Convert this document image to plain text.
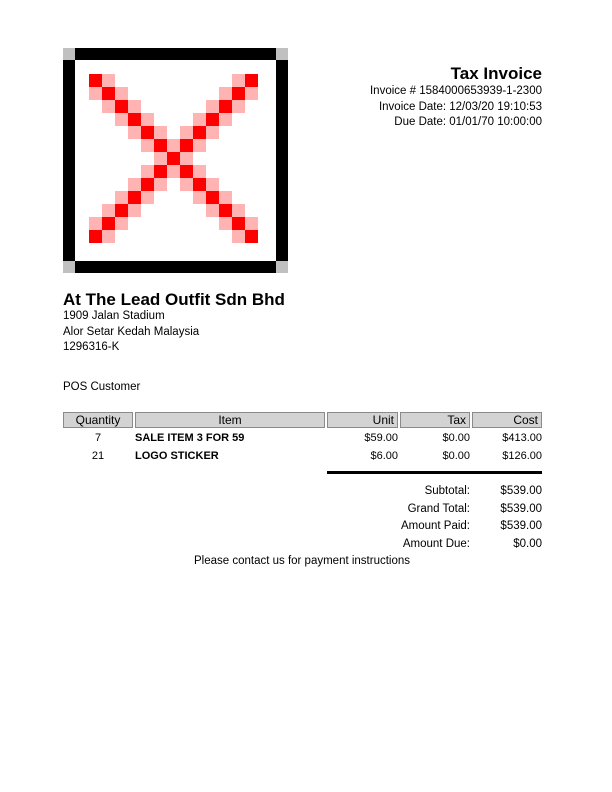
Tax Invoice
Invoice # 1584000653939-1-2300
Invoice Date: 12/03/20 19:10:53
Due Date: 01/01/70 10:00:00
At The Lead Outfit Sdn Bhd
1909 Jalan Stadium
Alor Setar Kedah Malaysia
1296316-K
POS Customer
Quantity	Item	Unit	Tax	Cost
7	SALE ITEM 3 FOR 59	$59.00	$0.00	$413.00
21	LOGO STICKER	$6.00	$0.00	$126.00
Subtotal:	$539.00
Grand Total:	$539.00
Amount Paid:	$539.00
Amount Due:	$0.00
Please contact us for payment instructions
